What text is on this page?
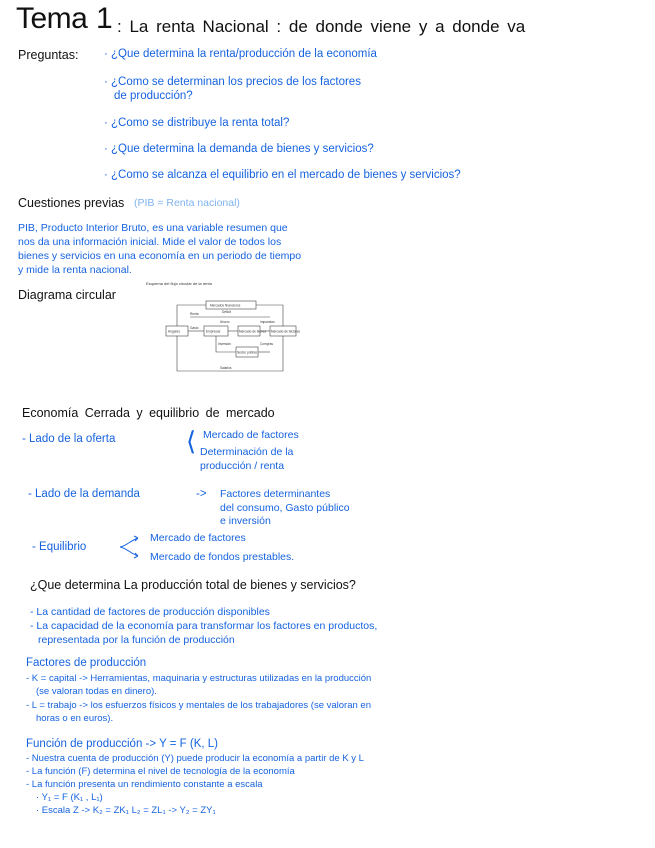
Tema 1 : La renta Nacional : de donde viene y a donde va
Preguntas: · ¿Que determina la renta/producción de la economía
· ¿Como se determinan los precios de los factores
de producción?
· ¿Como se distribuye la renta total?
· ¿Que determina la demanda de bienes y servicios?
· ¿Como se alcanza el equilibrio en el mercado de bienes y servicios?
Cuestiones previas (PIB = Renta nacional)
PIB, Producto Interior Bruto, es una variable resumen que
nos da una información inicial. Mide el valor de todos los
bienes y servicios en una economía en un periodo de tiempo
y mide la renta nacional.
Diagrama circular
Esquema del flujo circular de la renta
Hogares	Empresas	Mercado de bienes Mercado de factores
Sector público
Mercados financieros
Renta
Gasto
Impuestos
Ahorro
Inversión	Compras
Salarios
Déficit
Economía Cerrada y equilibrio de mercado
- Lado de la oferta	⟨ Mercado de factores
Determinación de la
producción / renta
- Lado de la demanda	-> Factores determinantes
del consumo, Gasto público
e inversión
- Equilibrio
Mercado de factores
Mercado de fondos prestables.
¿Que determina La producción total de bienes y servicios?
- La cantidad de factores de producción disponibles
- La capacidad de la economía para transformar los factores en productos,
representada por la función de producción
Factores de producción
- K = capital -> Herramientas, maquinaria y estructuras utilizadas en la producción
(se valoran todas en dinero).
- L = trabajo -> los esfuerzos físicos y mentales de los trabajadores (se valoran en
horas o en euros).
Función de producción -> Y = F (K, L)
- Nuestra cuenta de producción (Y) puede producir la economía a partir de K y L
- La función (F) determina el nivel de tecnología de la economía
- La función presenta un rendimiento constante a escala
· Y₁ = F (K₁ , L₁)
· Escala Z -> K₂ = ZK₁ L₂ = ZL₁ -> Y₂ = ZY₁
